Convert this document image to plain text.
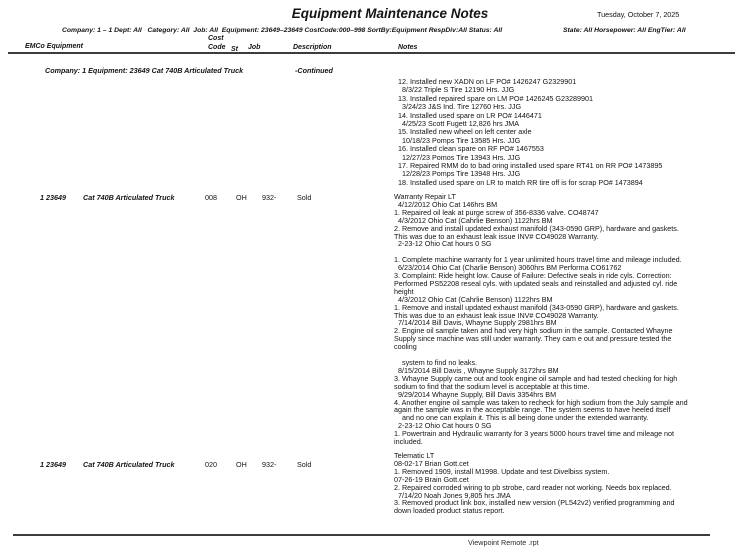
Equipment Maintenance Notes	Tuesday, October 7, 2025
Company: 1 – 1 Dept: All   Category: All  Job: All  Equipment: 23649–23649 CostCode:000–998 SortBy:Equipment RespDiv:All Status: All	State: All Horsepower: All EngTier: All
EMCo Equipment
Cost
Code St Job	Description	Notes
Company: 1 Equipment: 23649 Cat 740B Articulated Truck	-Continued
12. Installed new XADN on LF PO# 1426247 G2329901
8/3/22 Triple S Tire 12190 Hrs. JJG
13. Installed repaired spare on LM PO# 1426245 G23289901
3/24/23 J&S Ind. Tire 12760 Hrs. JJG
14. Installed used spare on LR PO# 1446471
4/25/23 Scott Fugett 12,826 hrs JMA
15. Installed new wheel on left center axle
10/18/23 Pomps Tire 13585 Hrs. JJG
16. Installed clean spare on RF PO# 1467553
12/27/23 Pomos Tire 13943 Hrs. JJG
17. Repaired RMM do to bad oring installed used spare RT41 on RR PO# 1473895
12/28/23 Pomps Tire 13948 Hrs. JJG
18. Installed used spare on LR to match RR tire off is for scrap PO# 1473894
1 23649 Cat 740B Articulated Truck	008	OH 932-	Sold	Warranty Repair LT
4/12/2012 Ohio Cat 146hrs BM
1. Repaired oil leak at purge screw of 356-8336 valve. CO48747
4/3/2012 Ohio Cat (Cahrlie Benson) 1122hrs BM
2. Remove and install updated exhaust manifold (343-0590 GRP), hardware and gaskets.
This was due to an exhaust leak issue INV# CO49028 Warranty.
2-23-12 Ohio Cat hours 0 SG
1. Complete machine warranty for 1 year unlimited hours travel time and mileage included.
6/23/2014 Ohio Cat (Charlie Benson) 3060hrs BM Performa CO61762
3. Complaint: Ride height low. Cause of Failure: Defective seals in ride cyls. Correction:
Performed PS52208 reseal cyls. with updated seals and reinstalled and adjusted cyl. ride
height
4/3/2012 Ohio Cat (Cahrlie Benson) 1122hrs BM
1. Remove and install updated exhaust manifold (343-0590 GRP), hardware and gaskets.
This was due to an exhaust leak issue INV# CO49028 Warranty.
7/14/2014 Bill Davis, Whayne Supply 2981hrs BM
2. Engine oil sample taken and had very high sodium in the sample. Contacted Whayne
Supply since machine was still under warranty. They cam e out and pressure tested the
cooling
system to find no leaks.
8/15/2014 Bill Davis , Whayne Supply 3172hrs BM
3. Whayne Supply came out and took engine oil sample and had tested checking for high
sodium to find that the sodium level is acceptable at this time.
9/29/2014 Whayne Supply, Bill Davis 3354hrs BM
4. Another engine oil sample was taken to recheck for high sodium from the July sample and
again the sample was in the acceptable range. The system seems to have heeled itself
and no one can explain it. This is all being done under the extended warranty.
2-23-12 Ohio Cat hours 0 SG
1. Powertrain and Hydraulic warranty for 3 years 5000 hours travel time and mileage not
included.
1 23649 Cat 740B Articulated Truck	020	OH 932-	Sold
Telematic LT
08-02-17 Brian Gott.cet
1. Removed 1909, install M1998. Update and test Divelbiss system.
07-26-19 Brain Gott.cet
2. Repaired corroded wiring to pb strobe, card reader not working. Needs box replaced.
7/14/20 Noah Jones 9,805 hrs JMA
3. Removed product link box, installed new version (PL542v2) verified programming and
down loaded product status report.
Viewpoint Remote .rpt
